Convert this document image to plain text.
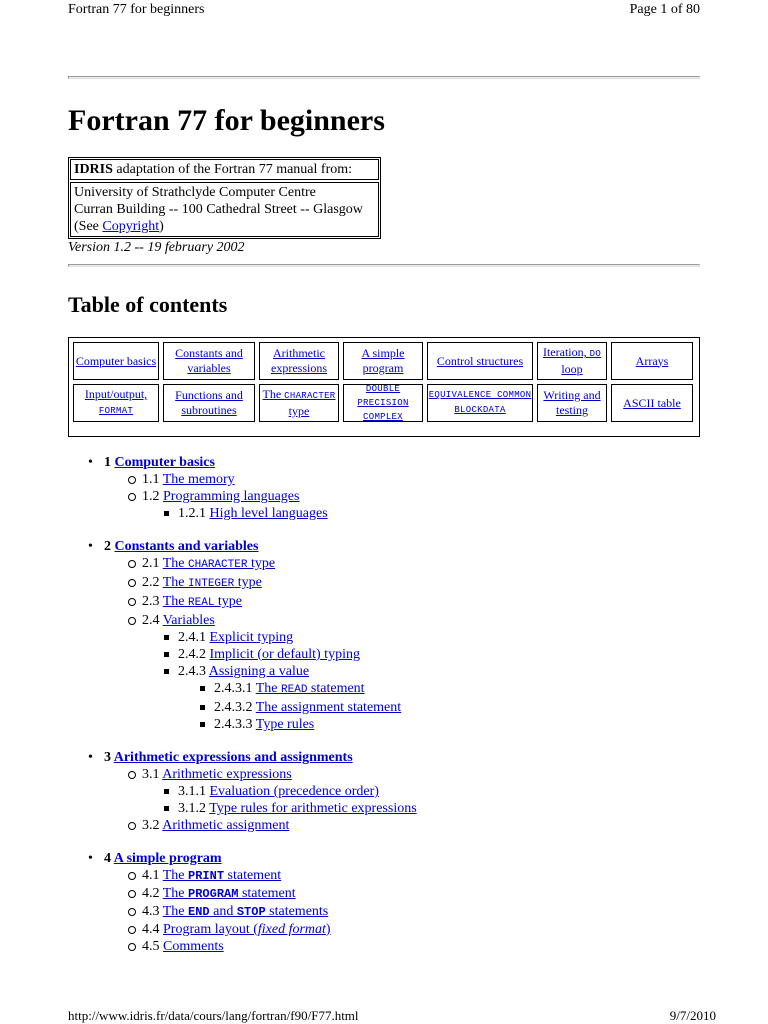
Fortran 77 for beginners	Page 1 of 80
Fortran 77 for beginners
IDRIS adaptation of the Fortran 77 manual from:
University of Strathclyde Computer Centre
Curran Building -- 100 Cathedral Street -- Glasgow
(See Copyright)
Version 1.2 -- 19 february 2002
Table of contents
Computer basics
Constants and variables
Arithmetic expressions
A simple program
Control structures
Iteration, DO loop
Arrays
Input/output,
FORMAT
Functions and subroutines
The CHARACTER type
DOUBLE PRECISION
COMPLEX
EQUIVALENCE COMMON
BLOCKDATA
Writing and testing
ASCII table
• 1 Computer basics
1.1 The memory
1.2 Programming languages
1.2.1 High level languages
• 2 Constants and variables
2.1 The CHARACTER type
2.2 The INTEGER type
2.3 The REAL type
2.4 Variables
2.4.1 Explicit typing
2.4.2 Implicit (or default) typing
2.4.3 Assigning a value
2.4.3.1 The READ statement
2.4.3.2 The assignment statement
2.4.3.3 Type rules
• 3 Arithmetic expressions and assignments
3.1 Arithmetic expressions
3.1.1 Evaluation (precedence order)
3.1.2 Type rules for arithmetic expressions
3.2 Arithmetic assignment
• 4 A simple program
4.1 The PRINT statement
4.2 The PROGRAM statement
4.3 The END and STOP statements
4.4 Program layout (fixed format)
4.5 Comments
http://www.idris.fr/data/cours/lang/fortran/f90/F77.html	9/7/2010
